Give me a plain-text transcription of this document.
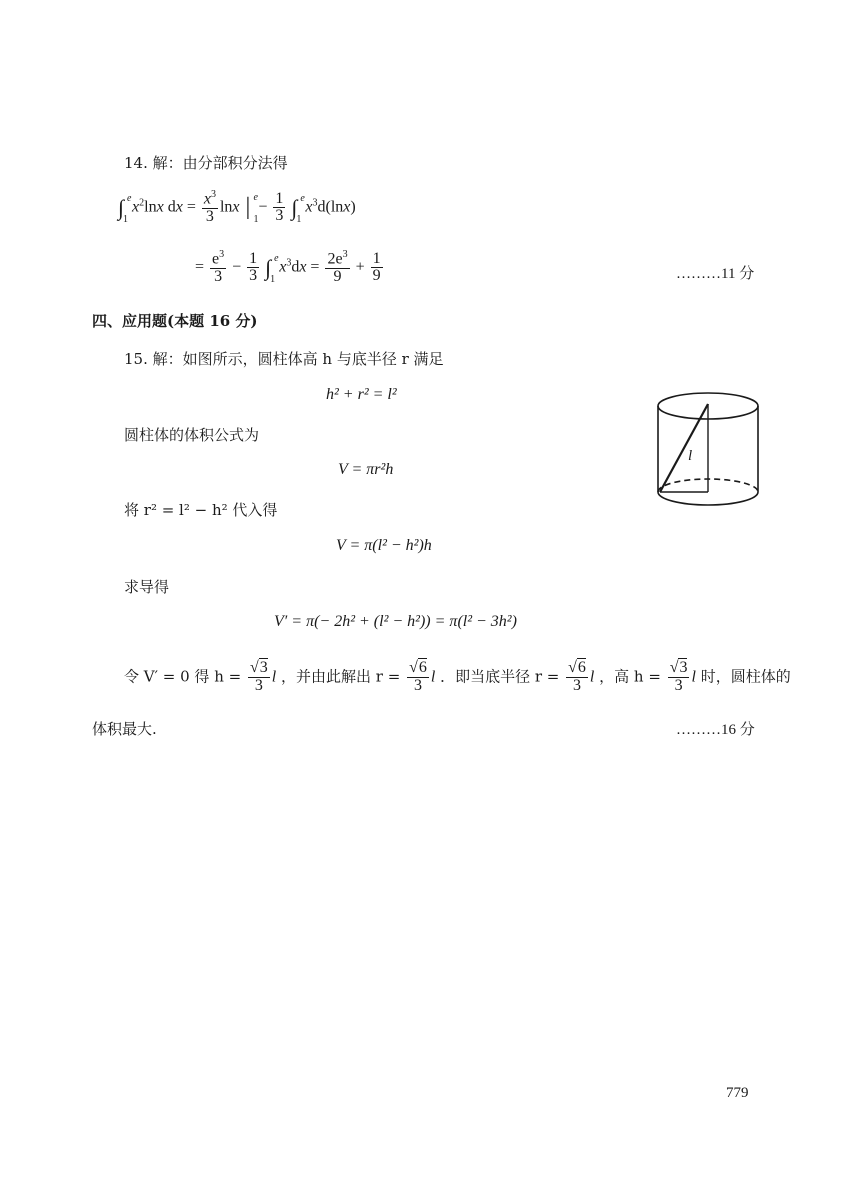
14. 解：由分部积分法得
∫ e
1
$x^2\ln x$ dx = $\frac{x^3}{3}$ lnx | e
1
− $\frac{1}{3}$ ∫ e
1
$x^3d(\ln x)$
= $\frac{e^3}{3} - \frac{1}{3}$ ∫ e
1
$x^3dx = \frac{2e^3}{9} + \frac{1}{9}$	………11 分
四、应用题(本题 16 分)
15. 解：如图所示，圆柱体高 h 与底半径 r 满足
h² + r² = l²
圆柱体的体积公式为
V = πr²h
将 r² = l² − h² 代入得
V = π(l² − h²)h
求导得
V′ = π(− 2h² + (l² − h²)) = π(l² − 3h²)
令 V′ = 0 得 $h = \frac{√3}{3}$ l ，并由此解出 $r = \frac{√6}{3}$ l ．即当底半径 $r = \frac{√6}{3}$ l ，高 $h = \frac{√3}{3}$ l 时，圆柱体的
体积最大.	………16 分
l
779
